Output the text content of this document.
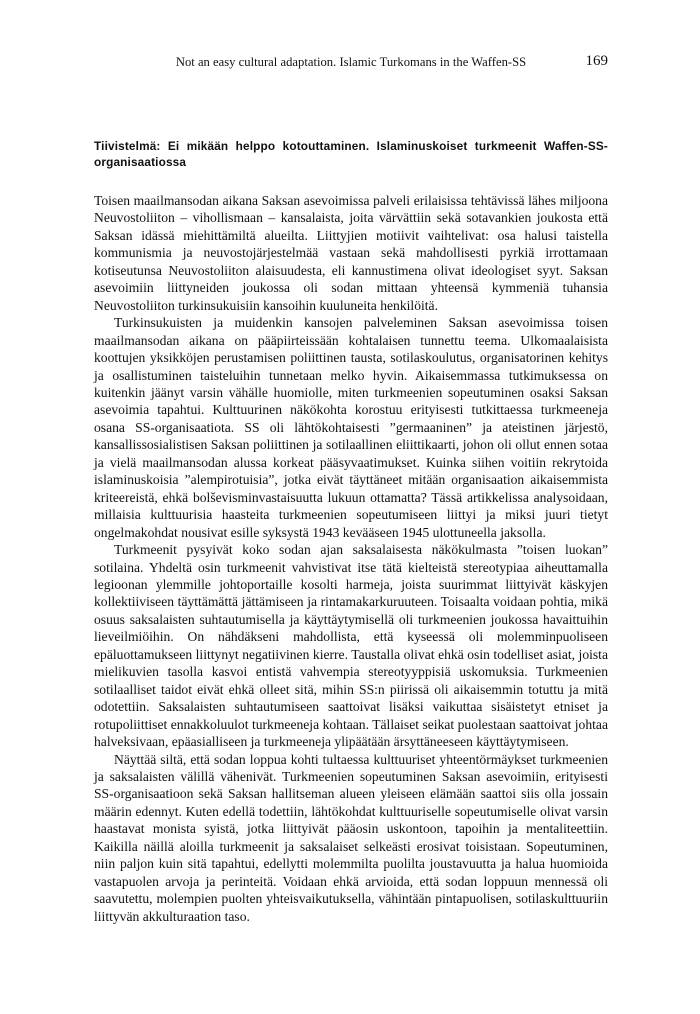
Not an easy cultural adaptation. Islamic Turkomans in the Waffen-SS	169
Tiivistelmä: Ei mikään helppo kotouttaminen. Islaminuskoiset turkmeenit Waffen-SS-organisaatiossa

Toisen maailmansodan aikana Saksan asevoimissa palveli erilaisissa tehtävissä lähes miljoona Neuvostoliiton – vihollismaan – kansalaista, joita värvättiin sekä sotavankien joukosta että Saksan idässä miehittämiltä alueilta. Liittyjien motiivit vaihtelivat: osa halusi taistella kommunismia ja neuvostojärjestelmää vastaan sekä mahdollisesti pyrkiä irrottamaan kotiseutunsa Neuvostoliiton alaisuudesta, eli kannustimena olivat ideologiset syyt. Saksan asevoimiin liittyneiden joukossa oli sodan mittaan yhteensä kymmeniä tuhansia Neuvostoliiton turkinsukuisiin kansoihin kuuluneita henkilöitä.

Turkinsukuisten ja muidenkin kansojen palveleminen Saksan asevoimissa toisen maailmansodan aikana on pääpiirteissään kohtalaisen tunnettu teema. Ulkomaalaisista koottujen yksikköjen perustamisen poliittinen tausta, sotilaskoulutus, organisatorinen kehitys ja osallistuminen taisteluihin tunnetaan melko hyvin. Aikaisemmassa tutkimuksessa on kuitenkin jäänyt varsin vähälle huomiolle, miten turkmeenien sopeutuminen osaksi Saksan asevoimia tapahtui. Kulttuurinen näkökohta korostuu erityisesti tutkittaessa turkmeeneja osana SS-organisaatiota. SS oli lähtökohtaisesti ”germaaninen” ja ateistinen järjestö, kansallissosialistisen Saksan poliittinen ja sotilaallinen eliittikaarti, johon oli ollut ennen sotaa ja vielä maailmansodan alussa korkeat pääsyvaatimukset. Kuinka siihen voitiin rekrytoida islaminuskoisia ”alempirotuisia”, jotka eivät täyttäneet mitään organisaation aikaisemmista kriteereistä, ehkä bolševisminvastaisuutta lukuun ottamatta? Tässä artikkelissa analysoidaan, millaisia kulttuurisia haasteita turkmeenien sopeutumiseen liittyi ja miksi juuri tietyt ongelmakohdat nousivat esille syksystä 1943 kevääseen 1945 ulottuneella jaksolla.

Turkmeenit pysyivät koko sodan ajan saksalaisesta näkökulmasta ”toisen luokan” sotilaina. Yhdeltä osin turkmeenit vahvistivat itse tätä kielteistä stereotypiaa aiheuttamalla legioonan ylemmille johtoportaille kosolti harmeja, joista suurimmat liittyivät käskyjen kollektiiviseen täyttämättä jättämiseen ja rintamakarkuruuteen. Toisaalta voidaan pohtia, mikä osuus saksalaisten suhtautumisella ja käyttäytymisellä oli turkmeenien joukossa havaittuihin lieveilmiöihin. On nähdäkseni mahdollista, että kyseessä oli molemminpuoliseen epäluottamukseen liittynyt negatiivinen kierre. Taustalla olivat ehkä osin todelliset asiat, joista mielikuvien tasolla kasvoi entistä vahvempia stereotyyppisiä uskomuksia. Turkmeenien sotilaalliset taidot eivät ehkä olleet sitä, mihin SS:n piirissä oli aikaisemmin totuttu ja mitä odotettiin. Saksalaisten suhtautumiseen saattoivat lisäksi vaikuttaa sisäistetyt etniset ja rotupoliittiset ennakkoluulot turkmeeneja kohtaan. Tällaiset seikat puolestaan saattoivat johtaa halveksivaan, epäasialliseen ja turkmeeneja ylipäätään ärsyttäneeseen käyttäytymiseen.

Näyttää siltä, että sodan loppua kohti tultaessa kulttuuriset yhteentörmäykset turkmeenien ja saksalaisten välillä vähenivät. Turkmeenien sopeutuminen Saksan asevoimiin, erityisesti SS-organisaatioon sekä Saksan hallitseman alueen yleiseen elämään saattoi siis olla jossain määrin edennyt. Kuten edellä todettiin, lähtökohdat kulttuuriselle sopeutumiselle olivat varsin haastavat monista syistä, jotka liittyivät pääosin uskontoon, tapoihin ja mentaliteettiin. Kaikilla näillä aloilla turkmeenit ja saksalaiset selkeästi erosivat toisistaan. Sopeutuminen, niin paljon kuin sitä tapahtui, edellytti molemmilta puolilta joustavuutta ja halua huomioida vastapuolen arvoja ja perinteitä. Voidaan ehkä arvioida, että sodan loppuun mennessä oli saavutettu, molempien puolten yhteisvaikutuksella, vähintään pintapuolisen, sotilaskulttuuriin liittyvän akkulturaation taso.
